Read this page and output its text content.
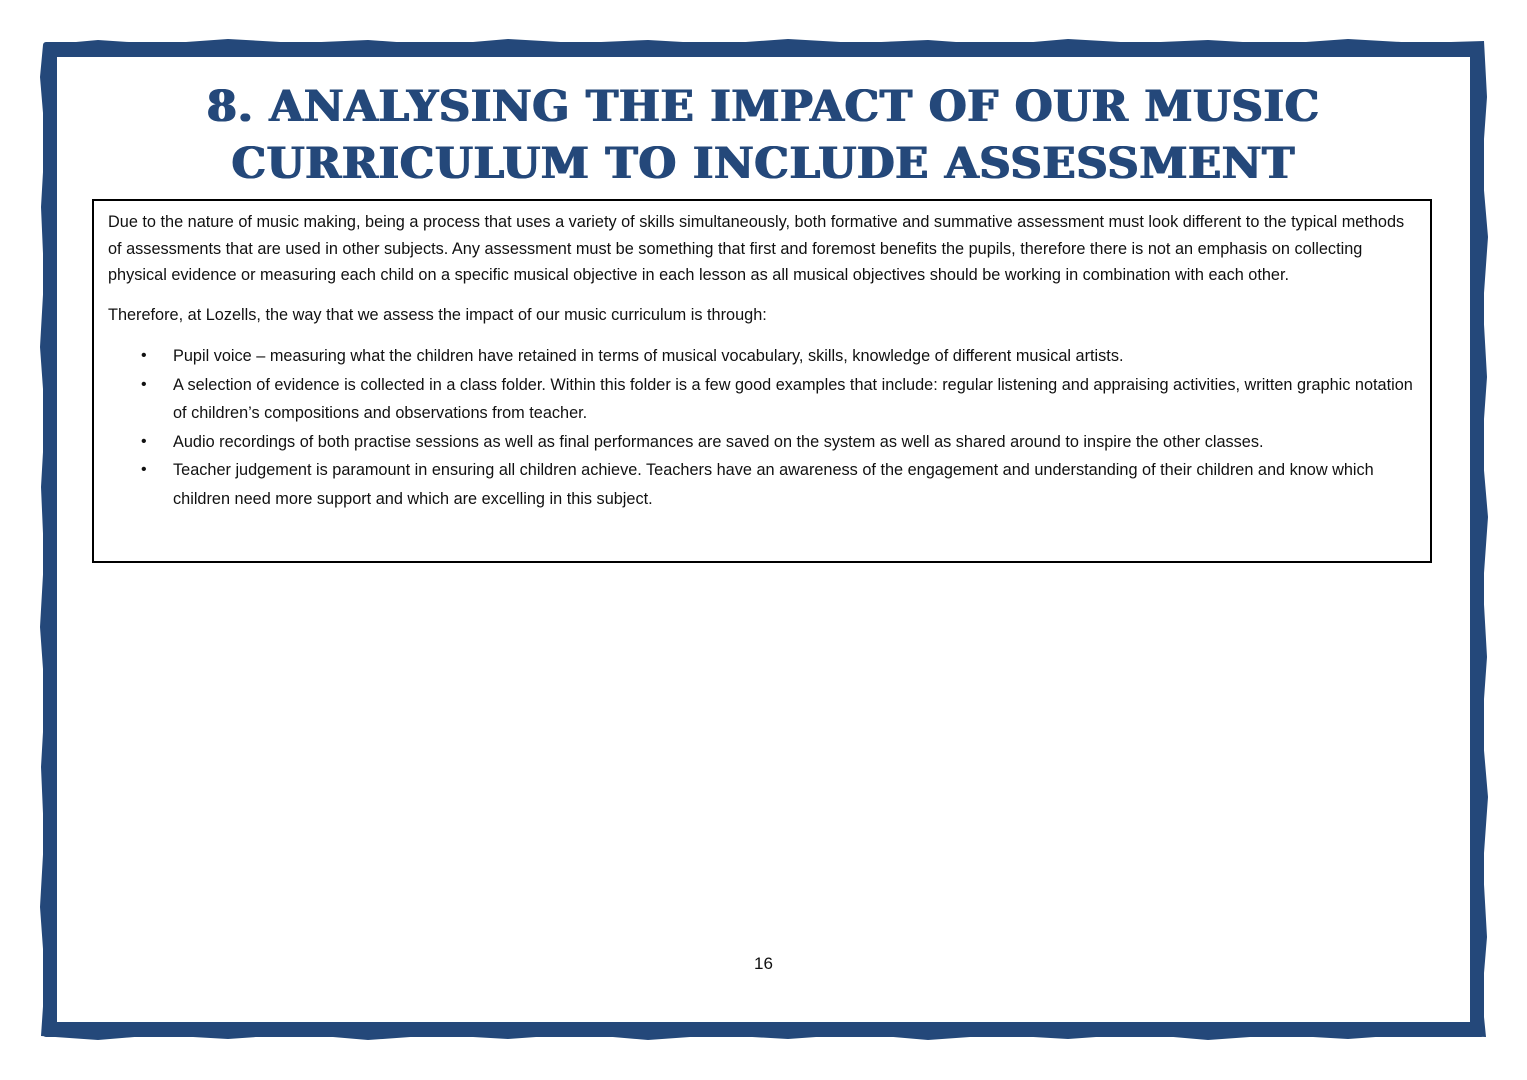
8. ANALYSING THE IMPACT OF OUR MUSIC CURRICULUM TO INCLUDE ASSESSMENT

Due to the nature of music making, being a process that uses a variety of skills simultaneously, both formative and summative assessment must look different to the typical methods of assessments that are used in other subjects. Any assessment must be something that first and foremost benefits the pupils, therefore there is not an emphasis on collecting physical evidence or measuring each child on a specific musical objective in each lesson as all musical objectives should be working in combination with each other.

Therefore, at Lozells, the way that we assess the impact of our music curriculum is through:

• Pupil voice – measuring what the children have retained in terms of musical vocabulary, skills, knowledge of different musical artists.
• A selection of evidence is collected in a class folder. Within this folder is a few good examples that include: regular listening and appraising activities, written graphic notation of children’s compositions and observations from teacher.
• Audio recordings of both practise sessions as well as final performances are saved on the system as well as shared around to inspire the other classes.
• Teacher judgement is paramount in ensuring all children achieve. Teachers have an awareness of the engagement and understanding of their children and know which children need more support and which are excelling in this subject.
16
